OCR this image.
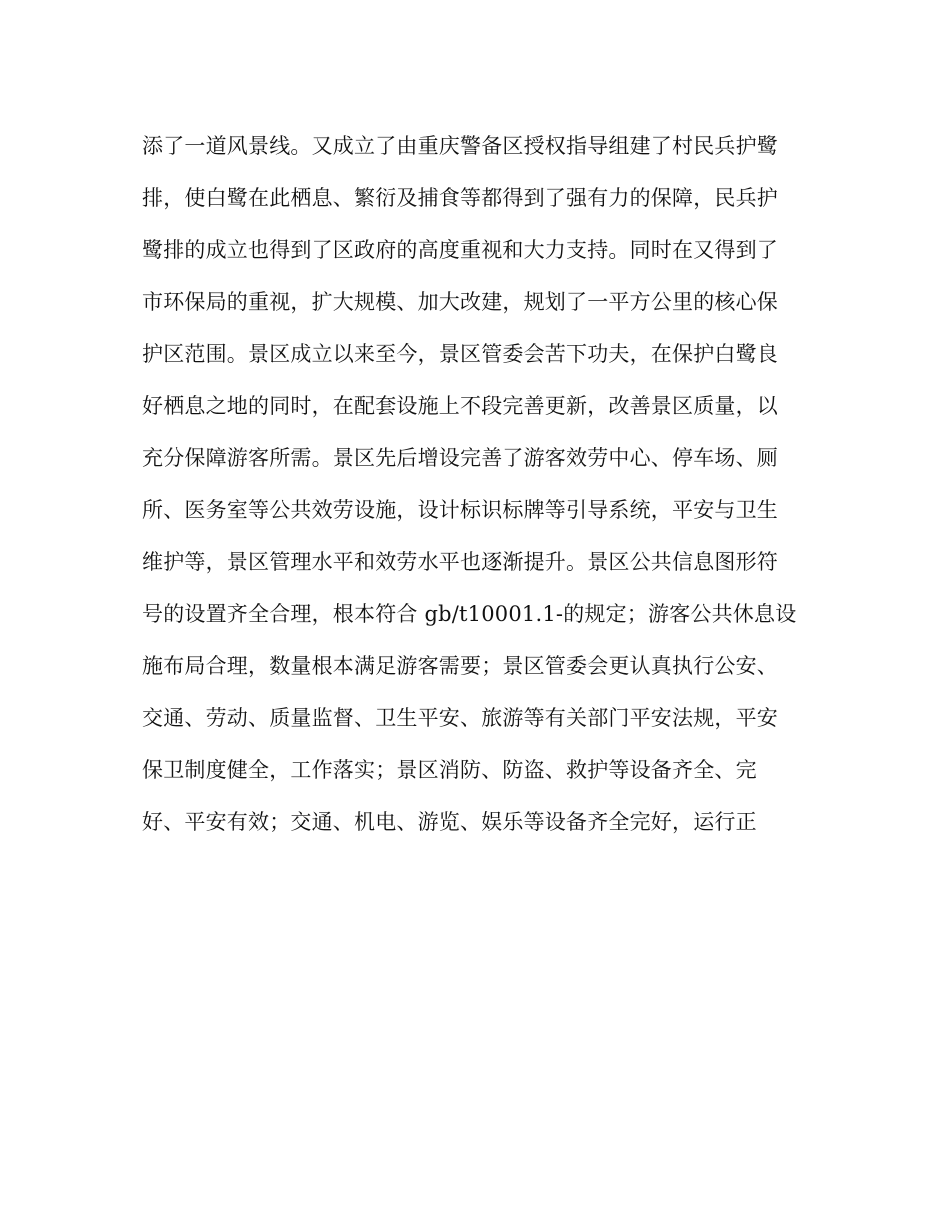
添了一道风景线。又成立了由重庆警备区授权指导组建了村民兵护鹭
排，使白鹭在此栖息、繁衍及捕食等都得到了强有力的保障，民兵护
鹭排的成立也得到了区政府的高度重视和大力支持。同时在又得到了
市环保局的重视，扩大规模、加大改建，规划了一平方公里的核心保
护区范围。景区成立以来至今，景区管委会苦下功夫，在保护白鹭良
好栖息之地的同时，在配套设施上不段完善更新，改善景区质量，以
充分保障游客所需。景区先后增设完善了游客效劳中心、停车场、厕
所、医务室等公共效劳设施，设计标识标牌等引导系统，平安与卫生
维护等，景区管理水平和效劳水平也逐渐提升。景区公共信息图形符
号的设置齐全合理，根本符合 gb/t10001.1-的规定；游客公共休息设
施布局合理，数量根本满足游客需要；景区管委会更认真执行公安、
交通、劳动、质量监督、卫生平安、旅游等有关部门平安法规，平安
保卫制度健全，工作落实；景区消防、防盗、救护等设备齐全、完
好、平安有效；交通、机电、游览、娱乐等设备齐全完好，运行正
